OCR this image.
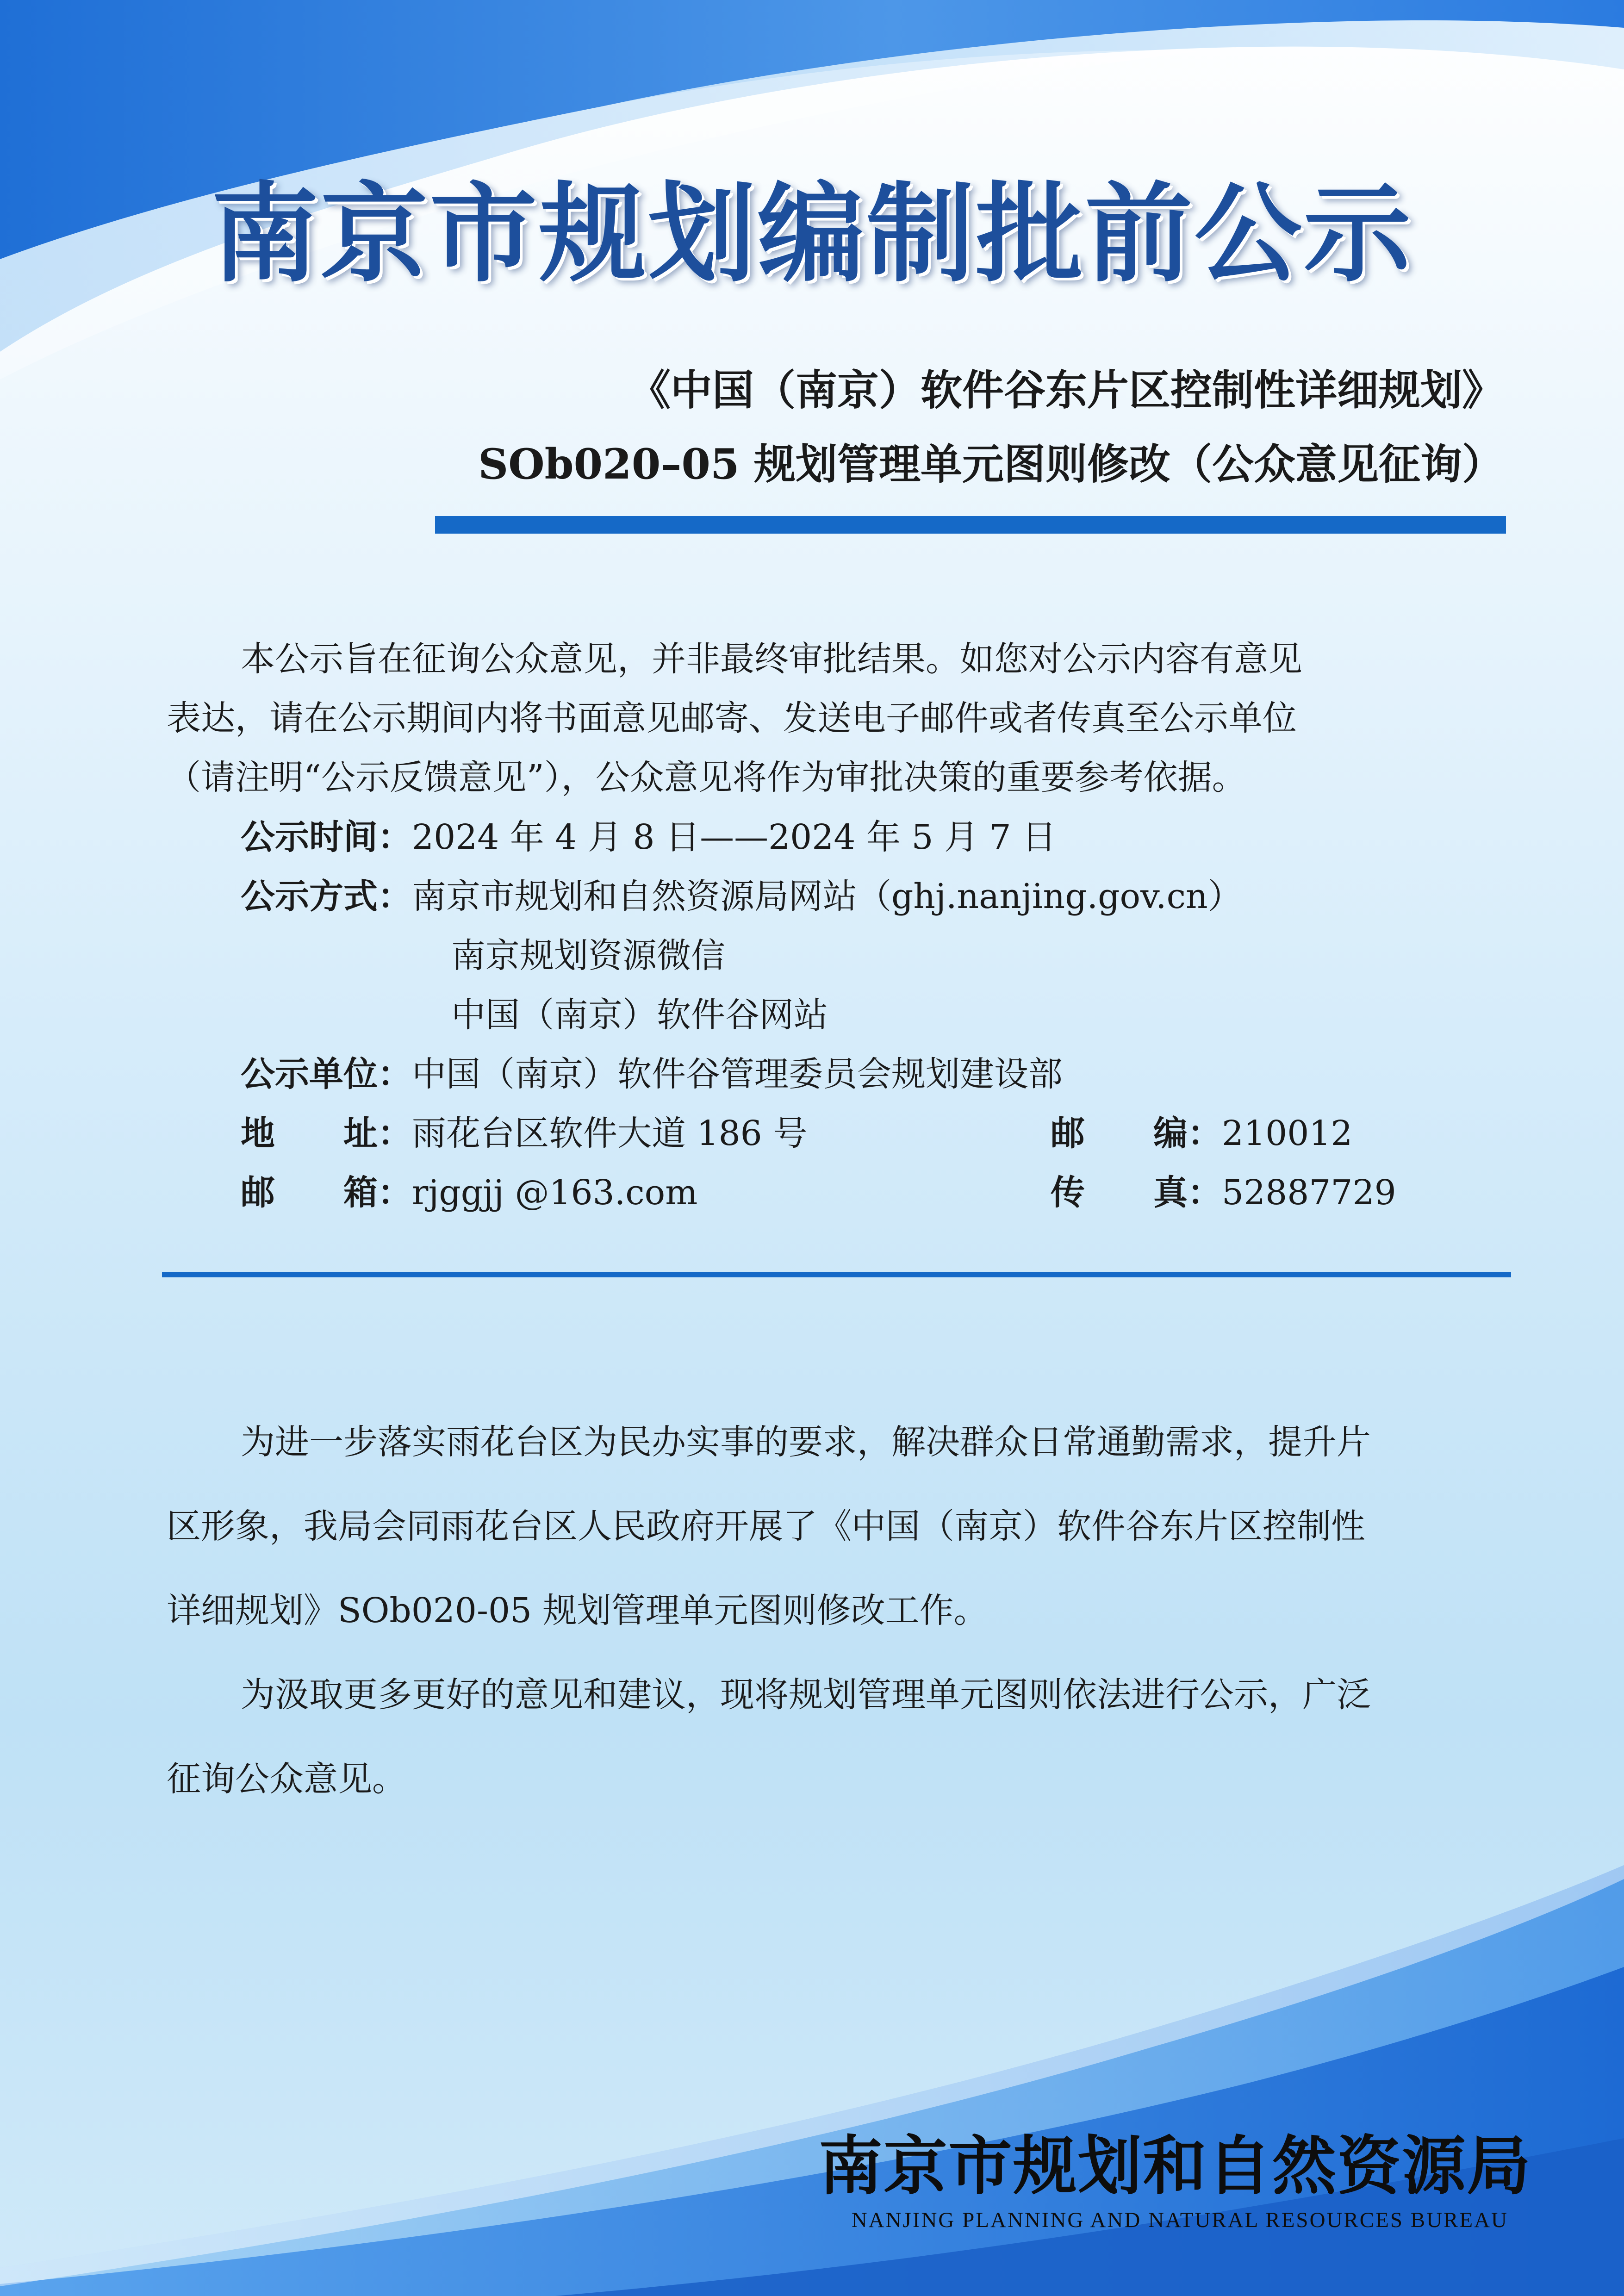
南京市规划编制批前公示
《中国（南京）软件谷东片区控制性详细规划》
SOb020–05 规划管理单元图则修改（公众意见征询）
本公示旨在征询公众意见，并非最终审批结果。如您对公示内容有意见
表达，请在公示期间内将书面意见邮寄、发送电子邮件或者传真至公示单位
（请注明“公示反馈意见”），公众意见将作为审批决策的重要参考依据。
公示时间：2024 年 4 月 8 日——2024 年 5 月 7 日
公示方式：南京市规划和自然资源局网站（ghj.nanjing.gov.cn）
南京规划资源微信
中国（南京）软件谷网站
公示单位：中国（南京）软件谷管理委员会规划建设部
地　　址：雨花台区软件大道 186 号	邮　　编：210012
邮　　箱：rjggjj @163.com	传　　真：52887729
为进一步落实雨花台区为民办实事的要求，解决群众日常通勤需求，提升片
区形象，我局会同雨花台区人民政府开展了《中国（南京）软件谷东片区控制性
详细规划》SOb020-05 规划管理单元图则修改工作。
为汲取更多更好的意见和建议，现将规划管理单元图则依法进行公示，广泛
征询公众意见。
南京市规划和自然资源局
NANJING PLANNING AND NATURAL RESOURCES BUREAU
